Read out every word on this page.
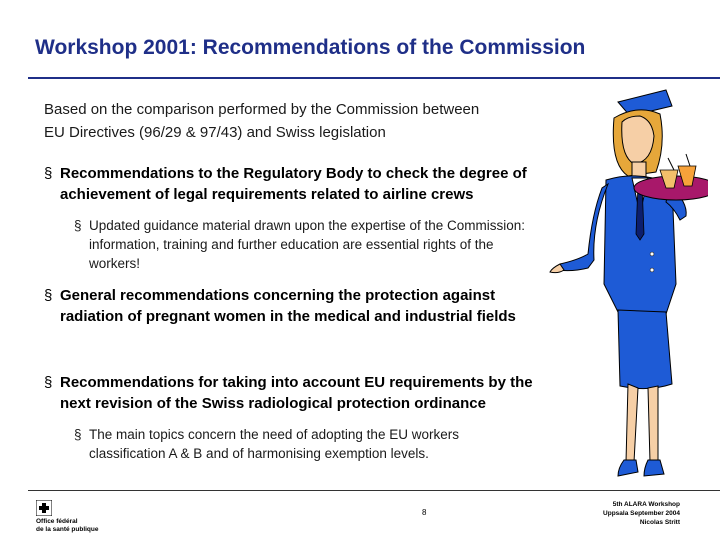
Workshop 2001: Recommendations of the Commission
Based on the comparison performed by the Commission between
EU Directives (96/29 & 97/43) and Swiss legislation
§ Recommendations to the Regulatory Body to check the degree of
achievement of legal requirements related to airline crews
§ Updated guidance material drawn upon the expertise of the Commission:
information, training and further education are essential rights of the
workers!
§ General recommendations concerning the protection against
radiation of pregnant women in the medical and industrial fields
§ Recommendations for taking into account EU requirements by the
next revision of the Swiss radiological protection ordinance
§ The main topics concern the need of adopting the EU workers
classification A & B and of harmonising exemption levels.
Office fédéral
de la santé publique
8
5th ALARA Workshop
Uppsala September 2004
Nicolas Stritt
